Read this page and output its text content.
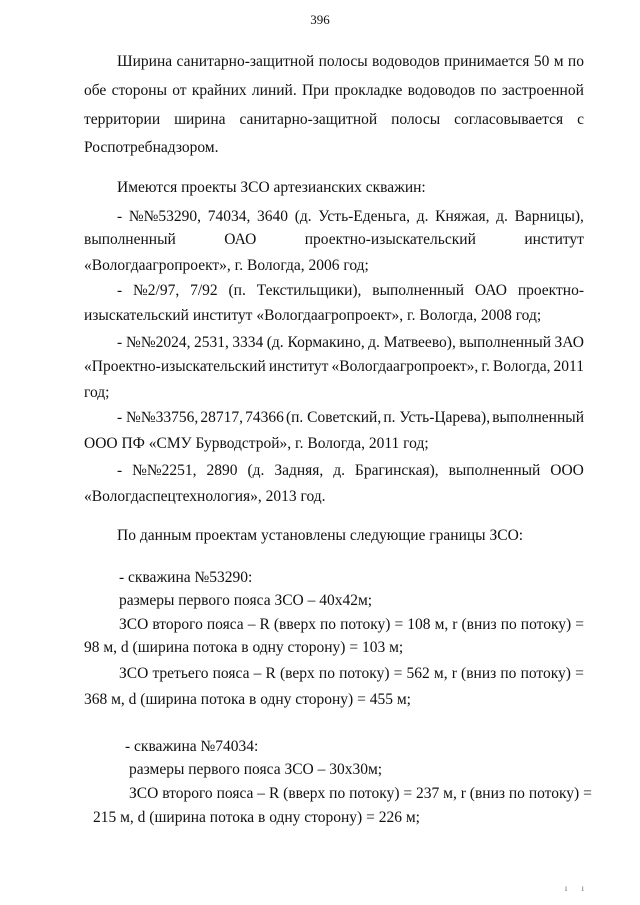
396
Ширина санитарно-защитной полосы водоводов принимается 50 м по
обе стороны от крайних линий. При прокладке водоводов по застроенной
территории ширина санитарно-защитной полосы согласовывается с
Роспотребнадзором.
Имеются проекты ЗСО артезианских скважин:
- №№53290, 74034, 3640 (д. Усть-Еденьга, д. Княжая, д. Варницы),
выполненный	ОАО	проектно-изыскательский	институт
«Вологдаагропроект», г. Вологда, 2006 год;
- №2/97, 7/92 (п. Текстильщики), выполненный ОАО проектно-
изыскательский институт «Вологдаагропроект», г. Вологда, 2008 год;
- №№2024, 2531, 3334 (д. Кормакино, д. Матвеево), выполненный ЗАО
«Проектно-изыскательский институт «Вологдаагропроект», г. Вологда, 2011
год;
- №№33756, 28717, 74366 (п. Советский, п. Усть-Царева), выполненный
ООО ПФ «СМУ Бурводстрой», г. Вологда, 2011 год;
- №№2251, 2890 (д. Задняя, д. Брагинская), выполненный ООО
«Вологдаспецтехнология», 2013 год.
По данным проектам установлены следующие границы ЗСО:
- скважина №53290:
размеры первого пояса ЗСО – 40х42м;
ЗСО второго пояса – R (вверх по потоку) = 108 м, r (вниз по потоку) =
98 м, d (ширина потока в одну сторону) = 103 м;
ЗСО третьего пояса – R (верх по потоку) = 562 м, r (вниз по потоку) =
368 м, d (ширина потока в одну сторону) = 455 м;
- скважина №74034:
размеры первого пояса ЗСО – 30х30м;
ЗСО второго пояса – R (вверх по потоку) = 237 м, r (вниз по потоку) =
215 м, d (ширина потока в одну сторону) = 226 м;
ı ı
